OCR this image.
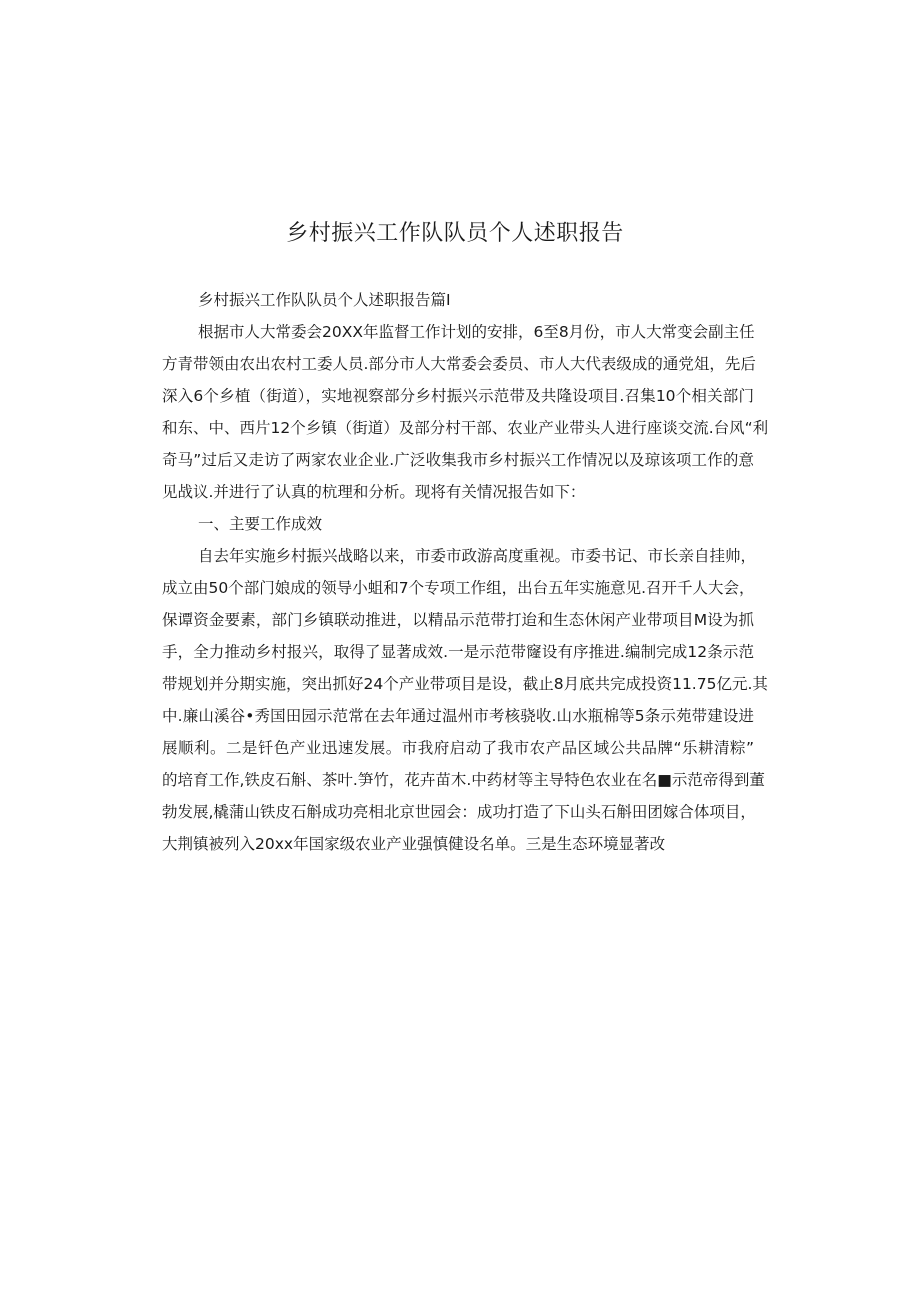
乡村振兴工作队队员个人述职报告
乡村振兴工作队队员个人述职报告篇I
根据市人大常委会20XX年监督工作计划的安排，6至8月份，市人大常变会副主任
方青带领由农出农村工委人员.部分市人大常委会委员、市人大代表级成的通党俎，先后
深入6个乡植（街道），实地视察部分乡村振兴示范带及共隆设项目.召集10个相关部门
和东、中、西片12个乡镇（街道）及部分村干部、农业产业带头人进行座谈交流.台风“利
奇马”过后又走访了两家农业企业.广泛收集我市乡村振兴工作情况以及琼该项工作的意
见战议.并进行了认真的杭理和分析。现将有关情况报告如下：
一、主要工作成效
自去年实施乡村振兴战略以来，市委市政游高度重视。市委书记、市长亲自挂帅，
成立由50个部门娘成的领导小蛆和7个专项工作组，出台五年实施意见.召开千人大会，
保谭资金要素，部门乡镇联动推进，以精品示范带打迨和生态休闲产业带项目M设为抓
手，全力推动乡村报兴，取得了显著成效.一是示范带窿设有序推进.编制完成12条示范
带规划并分期实施，突出抓好24个产业带项目是设，截止8月底共完成投资11.75亿元.其
中.廉山溪谷•秀国田园示范常在去年通过温州市考核骁收.山水瓶棉等5条示苑带建设进
展顺利。二是钎色产业迅速发展。市我府启动了我市农产品区域公共品牌“乐耕清粽”
的培育工作,铁皮石斛、茶叶.笋竹，花卉苗木.中药材等主导特色农业在名■示范帝得到董
勃发展,橇蒲山铁皮石斛成功亮相北京世园会：成功打造了下山头石斛田团嫁合体项目，
大荆镇被列入20xx年国家级农业产业强慎健设名单。三是生态环境显著改
